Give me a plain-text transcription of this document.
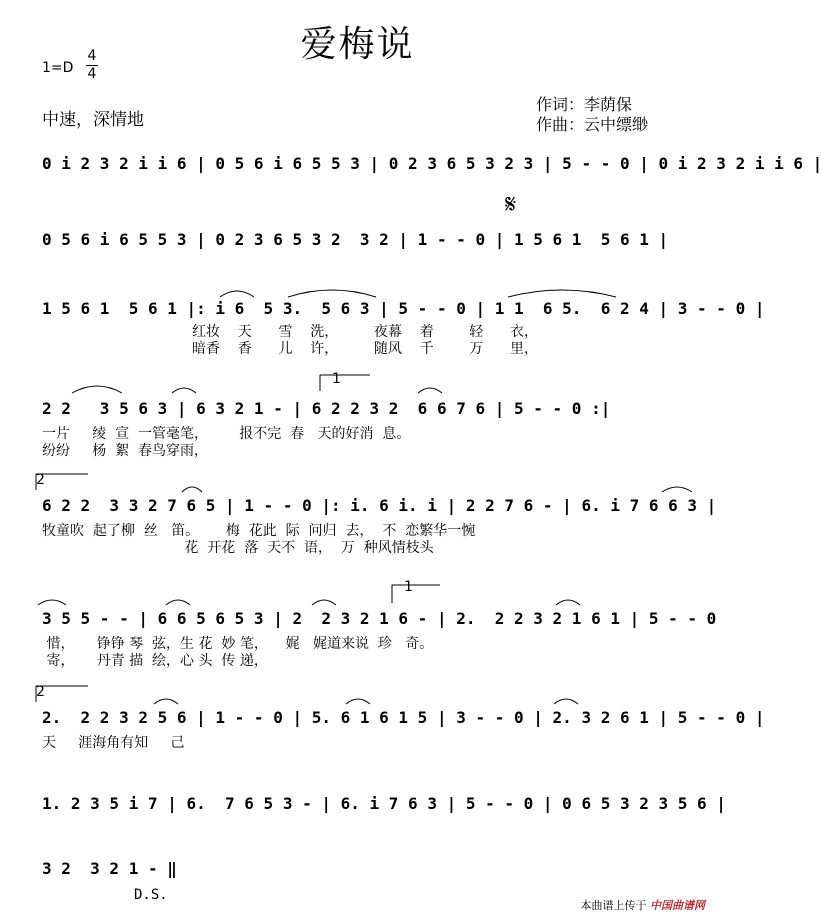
爱梅说
1=D
4
4
中速，深情地
作词：李荫保
作曲：云中缥缈
𝄋
0 i 2 3 2 i i 6 | 0 5 6 i 6 5 5 3 | 0 2 3 6 5 3 2 3 | 5 - - 0 | 0 i 2 3 2 i i 6 |
0 5 6 i 6 5 5 3 | 0 2 3 6 5 3 2  3 2 | 1 - - 0 | 1 5 6 1  5 6 1 |
1 5 6 1  5 6 1 |: i 6  5 3.  5 6 3 | 5 - - 0 | 1 1  6 5.  6 2 4 | 3 - - 0 |
红妆    天      雪    洗，        夜幕    着        轻      衣，
暗香    香      儿    许，        随风    千        万      里，
1
2 2   3 5 6 3 | 6 3 2 1 - | 6 2 2 3 2  6 6 7 6 | 5 - - 0 :|
一片     绫  宣  一管毫笔，       报不完  春   天的好消  息。
纷纷     杨  絮  春鸟穿雨，
2
6 2 2  3 3 2 7 6 5 | 1 - - 0 |: i. 6 i. i | 2 2 7 6 - | 6. i 7 6 6 3 |
牧童吹  起了柳  丝   笛。      梅  花此  际  问归  去，  不  恋繁华一惋
花  开花  落  天不  语，  万  种风情枝头
1
3 5 5 - - | 6 6 5 6 5 3 | 2  2 3 2 1 6 - | 2.  2 2 3 2 1 6 1 | 5 - - 0
惜，     铮铮 琴  弦，生 花  妙 笔，    娓   娓道来说  珍   奇。
寄，     丹青 描  绘，心 头  传 递，
2
2.  2 2 3 2 5 6 | 1 - - 0 | 5. 6 1 6 1 5 | 3 - - 0 | 2. 3 2 6 1 | 5 - - 0 |
天     涯海角有知     己
1. 2 3 5 i 7 | 6.  7 6 5 3 - | 6. i 7 6 3 | 5 - - 0 | 0 6 5 3 2 3 5 6 |
3 2  3 2 1 - ‖
D.S.
本曲谱上传于 中国曲谱网
